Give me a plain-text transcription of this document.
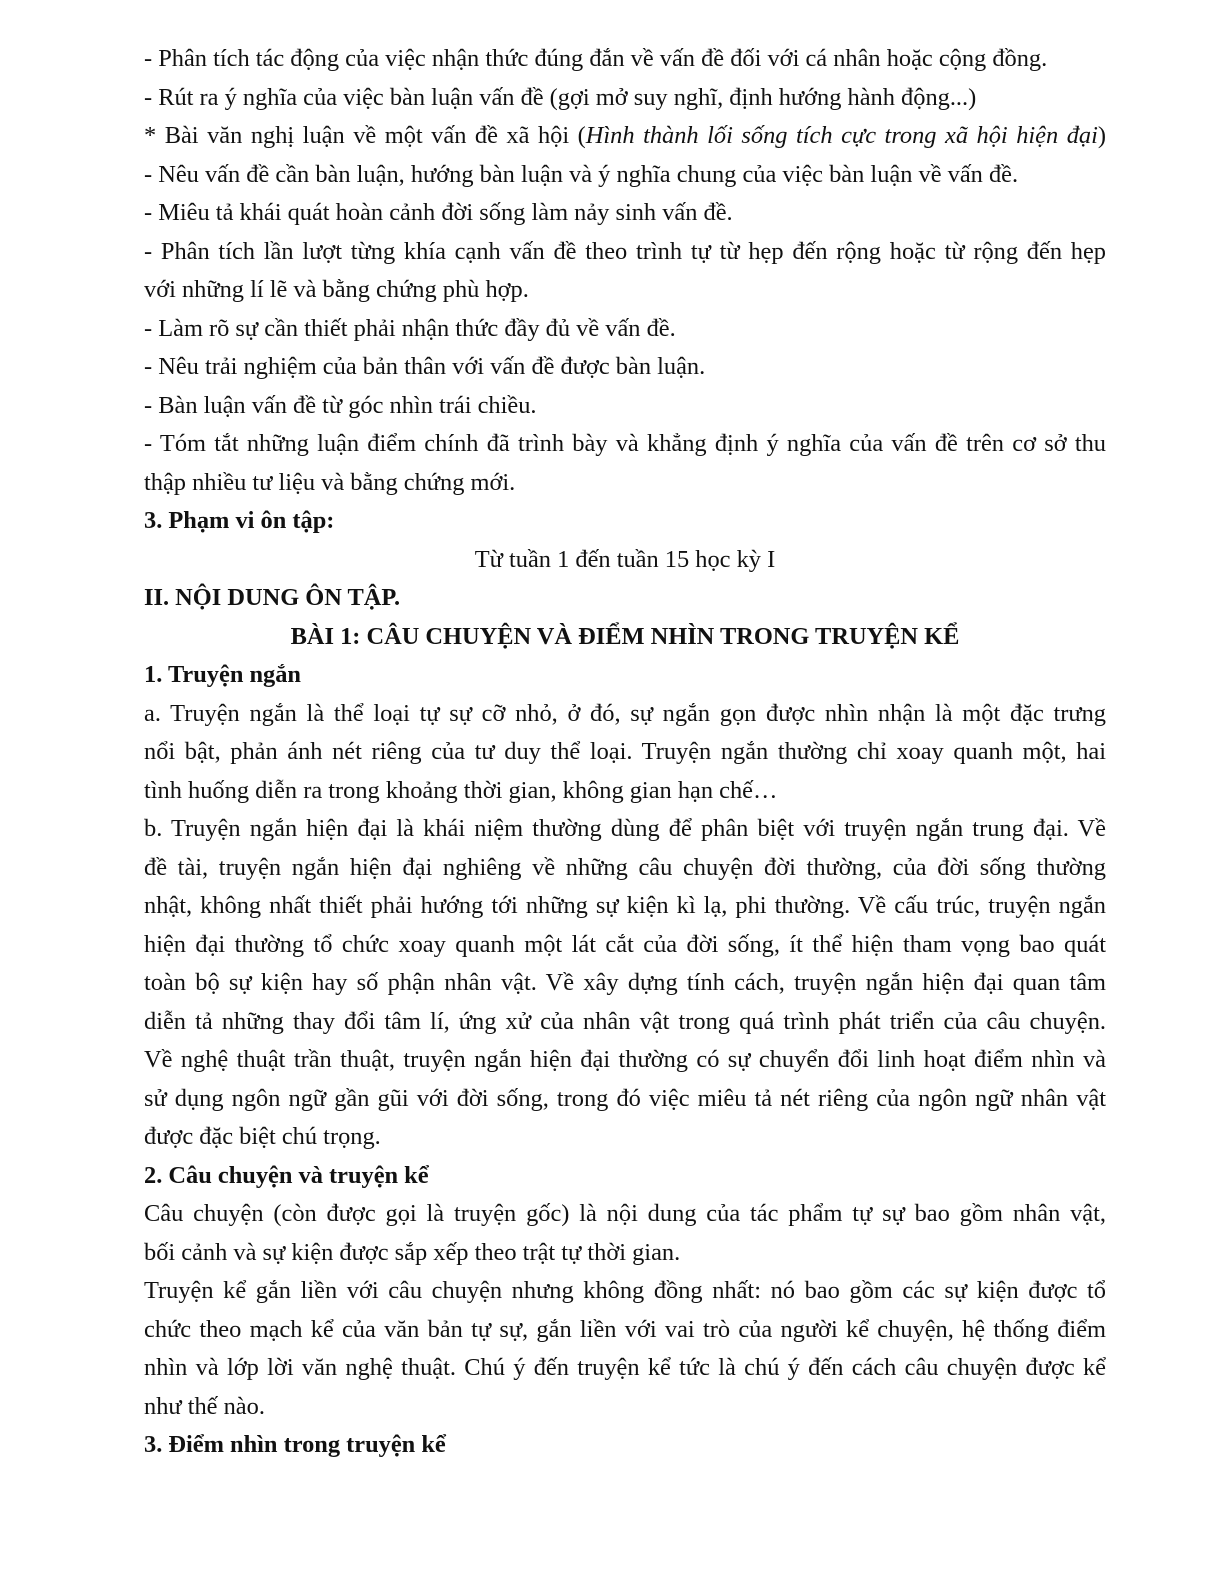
- Phân tích tác động của việc nhận thức đúng đắn về vấn đề đối với cá nhân hoặc cộng đồng.
- Rút ra ý nghĩa của việc bàn luận vấn đề (gợi mở suy nghĩ, định hướng hành động...)
* Bài văn nghị luận về một vấn đề xã hội (Hình thành lối sống tích cực trong xã hội hiện đại)
- Nêu vấn đề cần bàn luận, hướng bàn luận và ý nghĩa chung của việc bàn luận về vấn đề.
- Miêu tả khái quát hoàn cảnh đời sống làm nảy sinh vấn đề.
- Phân tích lần lượt từng khía cạnh vấn đề theo trình tự từ hẹp đến rộng hoặc từ rộng đến hẹp
với những lí lẽ và bằng chứng phù hợp.
- Làm rõ sự cần thiết phải nhận thức đầy đủ về vấn đề.
- Nêu trải nghiệm của bản thân với vấn đề được bàn luận.
- Bàn luận vấn đề từ góc nhìn trái chiều.
- Tóm tắt những luận điểm chính đã trình bày và khẳng định ý nghĩa của vấn đề trên cơ sở thu
thập nhiều tư liệu và bằng chứng mới.
3. Phạm vi ôn tập:
Từ tuần 1 đến tuần 15 học kỳ I
II. NỘI DUNG ÔN TẬP.
BÀI 1: CÂU CHUYỆN VÀ ĐIỂM NHÌN TRONG TRUYỆN KỂ
1. Truyện ngắn
a. Truyện ngắn là thể loại tự sự cỡ nhỏ, ở đó, sự ngắn gọn được nhìn nhận là một đặc trưng
nổi bật, phản ánh nét riêng của tư duy thể loại. Truyện ngắn thường chỉ xoay quanh một, hai
tình huống diễn ra trong khoảng thời gian, không gian hạn chế…
b. Truyện ngắn hiện đại là khái niệm thường dùng để phân biệt với truyện ngắn trung đại. Về
đề tài, truyện ngắn hiện đại nghiêng về những câu chuyện đời thường, của đời sống thường
nhật, không nhất thiết phải hướng tới những sự kiện kì lạ, phi thường. Về cấu trúc, truyện ngắn
hiện đại thường tổ chức xoay quanh một lát cắt của đời sống, ít thể hiện tham vọng bao quát
toàn bộ sự kiện hay số phận nhân vật. Về xây dựng tính cách, truyện ngắn hiện đại quan tâm
diễn tả những thay đổi tâm lí, ứng xử của nhân vật trong quá trình phát triển của câu chuyện.
Về nghệ thuật trần thuật, truyện ngắn hiện đại thường có sự chuyển đổi linh hoạt điểm nhìn và
sử dụng ngôn ngữ gần gũi với đời sống, trong đó việc miêu tả nét riêng của ngôn ngữ nhân vật
được đặc biệt chú trọng.
2. Câu chuyện và truyện kể
Câu chuyện (còn được gọi là truyện gốc) là nội dung của tác phẩm tự sự bao gồm nhân vật,
bối cảnh và sự kiện được sắp xếp theo trật tự thời gian.
Truyện kể gắn liền với câu chuyện nhưng không đồng nhất: nó bao gồm các sự kiện được tổ
chức theo mạch kể của văn bản tự sự, gắn liền với vai trò của người kể chuyện, hệ thống điểm
nhìn và lớp lời văn nghệ thuật. Chú ý đến truyện kể tức là chú ý đến cách câu chuyện được kể
như thế nào.
3. Điểm nhìn trong truyện kể
